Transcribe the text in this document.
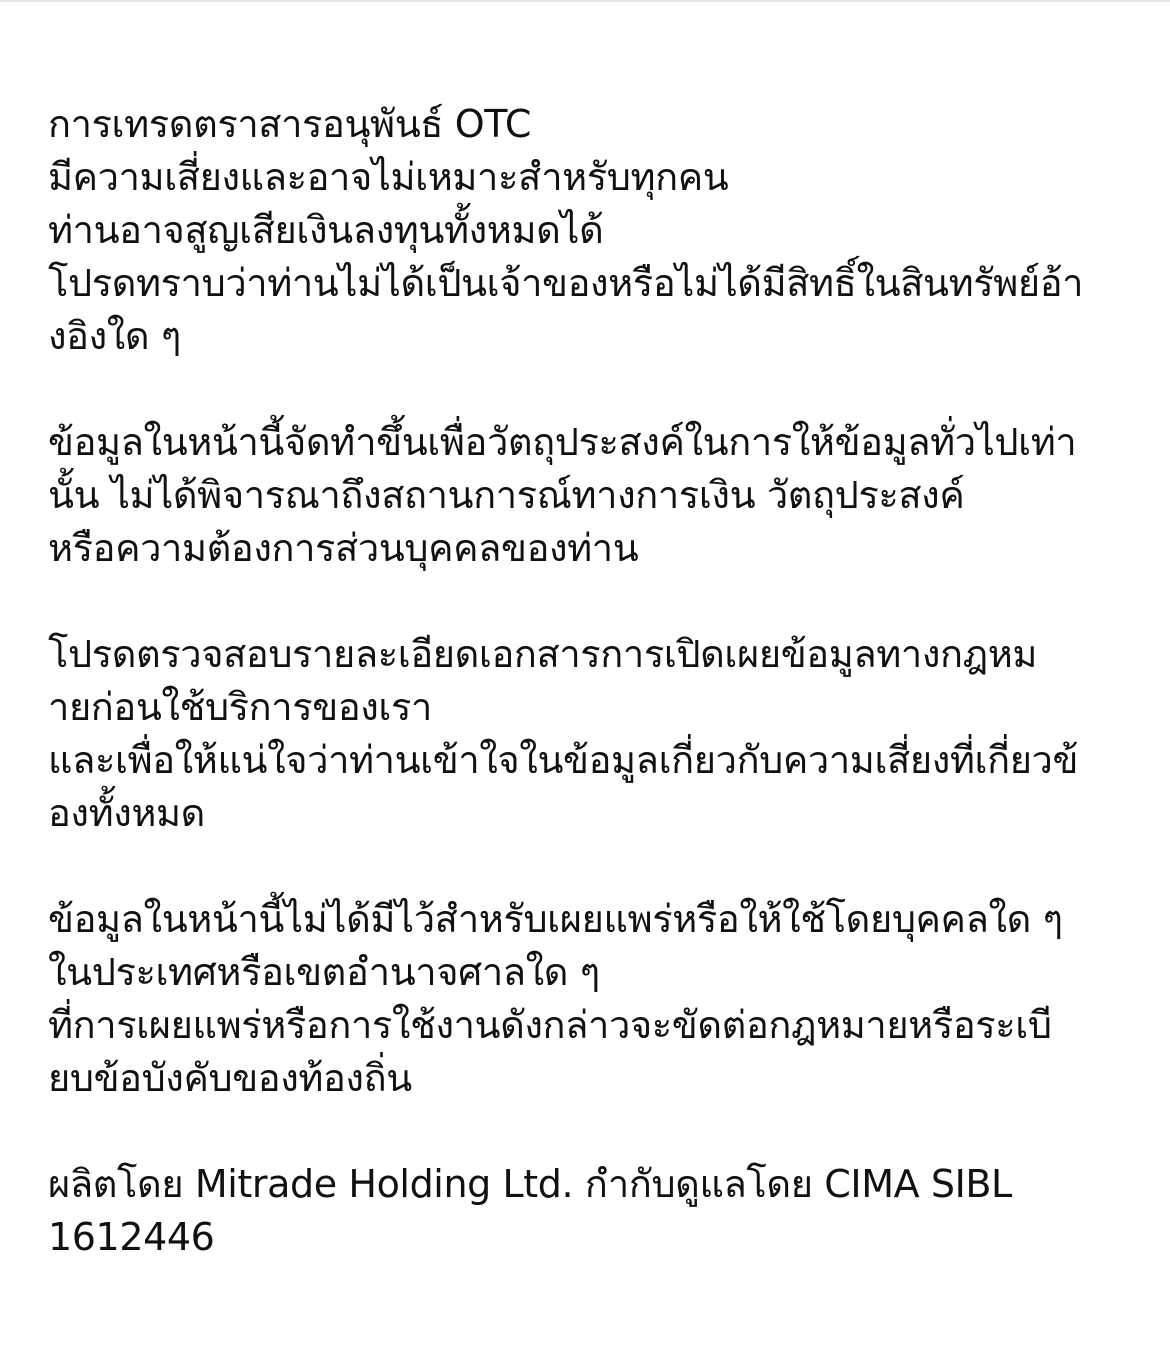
การเทรดตราสารอนุพันธ์ OTC
มีความเสี่ยงและอาจไม่เหมาะสำหรับทุกคน
ท่านอาจสูญเสียเงินลงทุนทั้งหมดได้
โปรดทราบว่าท่านไม่ได้เป็นเจ้าของหรือไม่ได้มีสิทธิ์ในสินทรัพย์อ้า
งอิงใด ๆ

ข้อมูลในหน้านี้จัดทำขึ้นเพื่อวัตถุประสงค์ในการให้ข้อมูลทั่วไปเท่า
นั้น ไม่ได้พิจารณาถึงสถานการณ์ทางการเงิน วัตถุประสงค์
หรือความต้องการส่วนบุคคลของท่าน

โปรดตรวจสอบรายละเอียดเอกสารการเปิดเผยข้อมูลทางกฎหม
ายก่อนใช้บริการของเรา
และเพื่อให้แน่ใจว่าท่านเข้าใจในข้อมูลเกี่ยวกับความเสี่ยงที่เกี่ยวข้
องทั้งหมด

ข้อมูลในหน้านี้ไม่ได้มีไว้สำหรับเผยแพร่หรือให้ใช้โดยบุคคลใด ๆ
ในประเทศหรือเขตอำนาจศาลใด ๆ
ที่การเผยแพร่หรือการใช้งานดังกล่าวจะขัดต่อกฎหมายหรือระเบี
ยบข้อบังคับของท้องถิ่น

ผลิตโดย Mitrade Holding Ltd. กำกับดูแลโดย CIMA SIBL
1612446
